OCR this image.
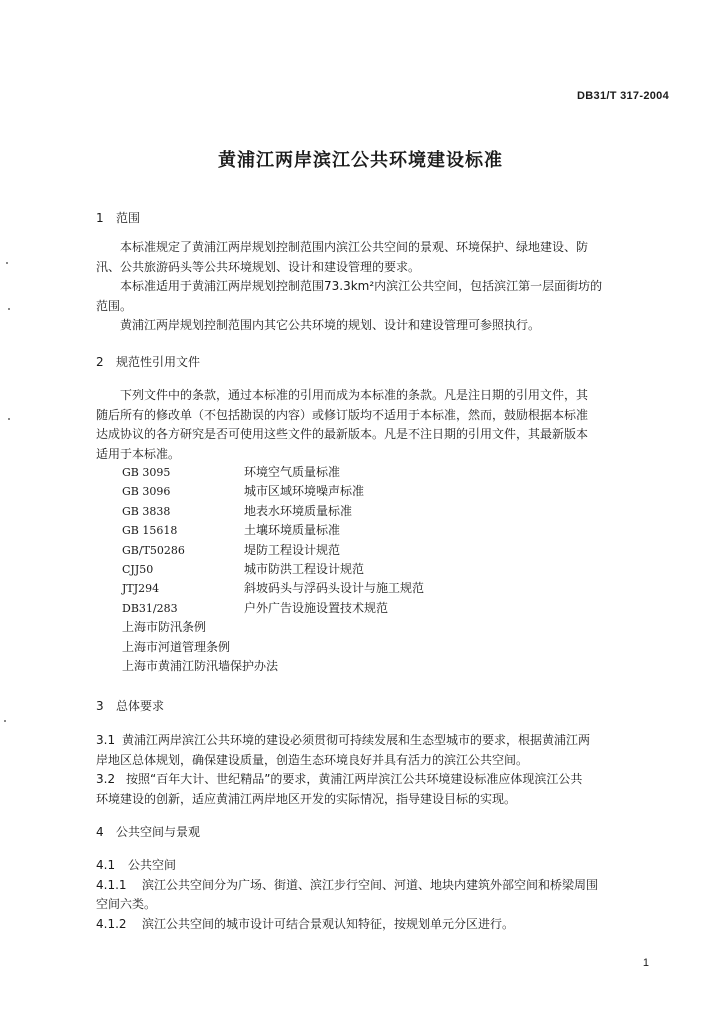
DB31/T 317-2004
黄浦江两岸滨江公共环境建设标准
1 范围
本标准规定了黄浦江两岸规划控制范围内滨江公共空间的景观、环境保护、绿地建设、防
汛、公共旅游码头等公共环境规划、设计和建设管理的要求。
本标准适用于黄浦江两岸规划控制范围73.3km²内滨江公共空间，包括滨江第一层面街坊的
范围。
黄浦江两岸规划控制范围内其它公共环境的规划、设计和建设管理可参照执行。
2 规范性引用文件
下列文件中的条款，通过本标准的引用而成为本标准的条款。凡是注日期的引用文件，其
随后所有的修改单（不包括勘误的内容）或修订版均不适用于本标准，然而，鼓励根据本标准
达成协议的各方研究是否可使用这些文件的最新版本。凡是不注日期的引用文件，其最新版本
适用于本标准。
GB 3095	环境空气质量标准
GB 3096	城市区域环境噪声标准
GB 3838	地表水环境质量标准
GB 15618	土壤环境质量标准
GB/T50286	堤防工程设计规范
CJJ50	城市防洪工程设计规范
JTJ294	斜坡码头与浮码头设计与施工规范
DB31/283	户外广告设施设置技术规范
上海市防汛条例
上海市河道管理条例
上海市黄浦江防汛墙保护办法
3 总体要求
3.1 黄浦江两岸滨江公共环境的建设必须贯彻可持续发展和生态型城市的要求，根据黄浦江两
岸地区总体规划，确保建设质量，创造生态环境良好并具有活力的滨江公共空间。
3.2 按照“百年大计、世纪精品”的要求，黄浦江两岸滨江公共环境建设标准应体现滨江公共
环境建设的创新，适应黄浦江两岸地区开发的实际情况，指导建设目标的实现。
4 公共空间与景观
4.1 公共空间
4.1.1 滨江公共空间分为广场、街道、滨江步行空间、河道、地块内建筑外部空间和桥梁周围
空间六类。
4.1.2 滨江公共空间的城市设计可结合景观认知特征，按规划单元分区进行。
1
